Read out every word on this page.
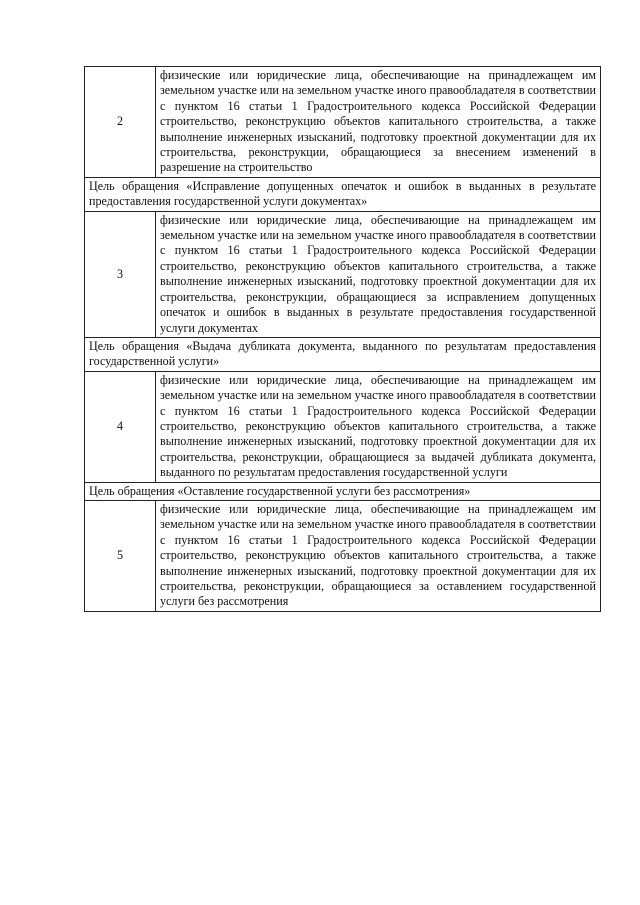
2	физические или юридические лица, обеспечивающие на принадлежащем им земельном участке или на земельном участке иного правообладателя в соответствии с пунктом 16 статьи 1 Градостроительного кодекса Российской Федерации строительство, реконструкцию объектов капитального строительства, а также выполнение инженерных изысканий, подготовку проектной документации для их строительства, реконструкции, обращающиеся за внесением изменений в разрешение на строительство
Цель обращения «Исправление допущенных опечаток и ошибок в выданных в результате предоставления государственной услуги документах»	
3	физические или юридические лица, обеспечивающие на принадлежащем им земельном участке или на земельном участке иного правообладателя в соответствии с пунктом 16 статьи 1 Градостроительного кодекса Российской Федерации строительство, реконструкцию объектов капитального строительства, а также выполнение инженерных изысканий, подготовку проектной документации для их строительства, реконструкции, обращающиеся за исправлением допущенных опечаток и ошибок в выданных в результате предоставления государственной услуги документах
Цель обращения «Выдача дубликата документа, выданного по результатам предоставления государственной услуги»	
4	физические или юридические лица, обеспечивающие на принадлежащем им земельном участке или на земельном участке иного правообладателя в соответствии с пунктом 16 статьи 1 Градостроительного кодекса Российской Федерации строительство, реконструкцию объектов капитального строительства, а также выполнение инженерных изысканий, подготовку проектной документации для их строительства, реконструкции, обращающиеся за выдачей дубликата документа, выданного по результатам предоставления государственной услуги
Цель обращения «Оставление государственной услуги без рассмотрения»	
5	физические или юридические лица, обеспечивающие на принадлежащем им земельном участке или на земельном участке иного правообладателя в соответствии с пунктом 16 статьи 1 Градостроительного кодекса Российской Федерации строительство, реконструкцию объектов капитального строительства, а также выполнение инженерных изысканий, подготовку проектной документации для их строительства, реконструкции, обращающиеся за оставлением государственной услуги без рассмотрения
